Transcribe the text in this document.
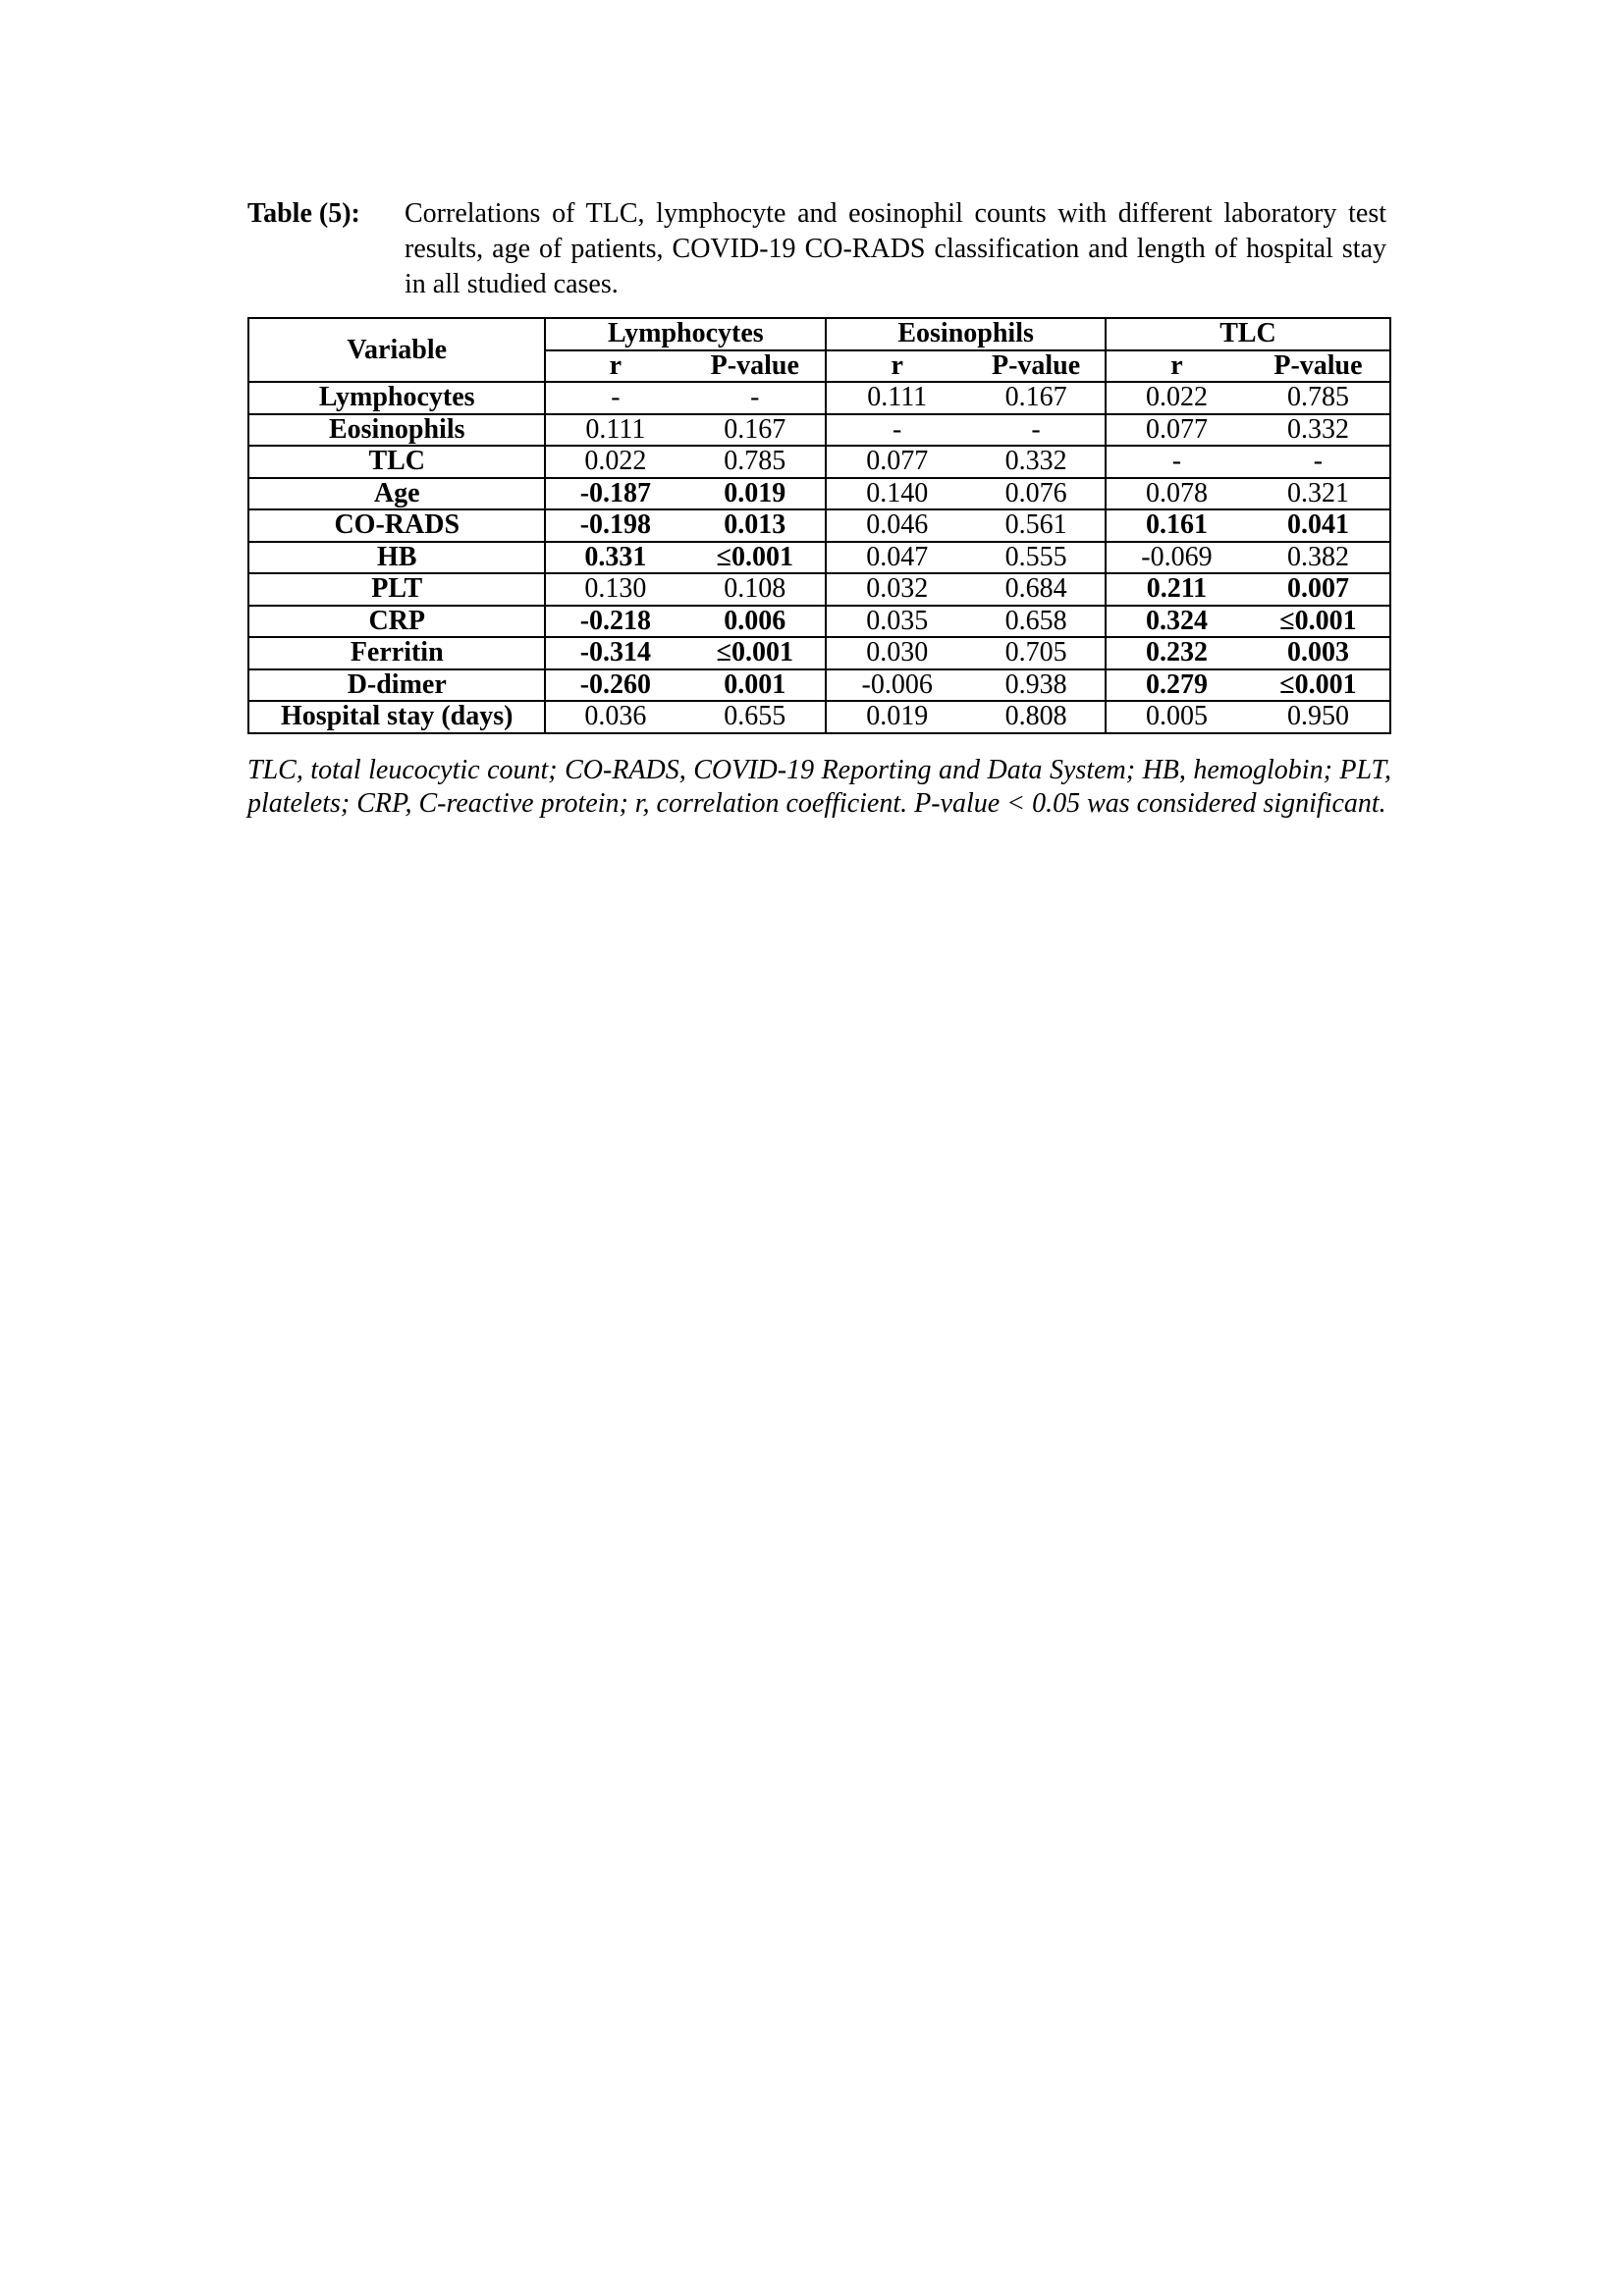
Table (5): Correlations of TLC, lymphocyte and eosinophil counts with different laboratory test results, age of patients, COVID-19 CO-RADS classification and length of hospital stay in all studied cases.
Variable	Lymphocytes		Eosinophils		TLC	
	r	P-value	r	P-value	r	P-value
Lymphocytes	-	-	0.111	0.167	0.022	0.785
Eosinophils	0.111	0.167	-	-	0.077	0.332
TLC	0.022	0.785	0.077	0.332	-	-
Age	-0.187	0.019	0.140	0.076	0.078	0.321
CO-RADS	-0.198	0.013	0.046	0.561	0.161	0.041
HB	0.331	≤0.001	0.047	0.555	-0.069	0.382
PLT	0.130	0.108	0.032	0.684	0.211	0.007
CRP	-0.218	0.006	0.035	0.658	0.324	≤0.001
Ferritin	-0.314	≤0.001	0.030	0.705	0.232	0.003
D-dimer	-0.260	0.001	-0.006	0.938	0.279	≤0.001
Hospital stay (days)	0.036	0.655	0.019	0.808	0.005	0.950
TLC, total leucocytic count; CO-RADS, COVID-19 Reporting and Data System; HB, hemoglobin; PLT, platelets; CRP, C-reactive protein; r, correlation coefficient. P-value < 0.05 was considered significant.
